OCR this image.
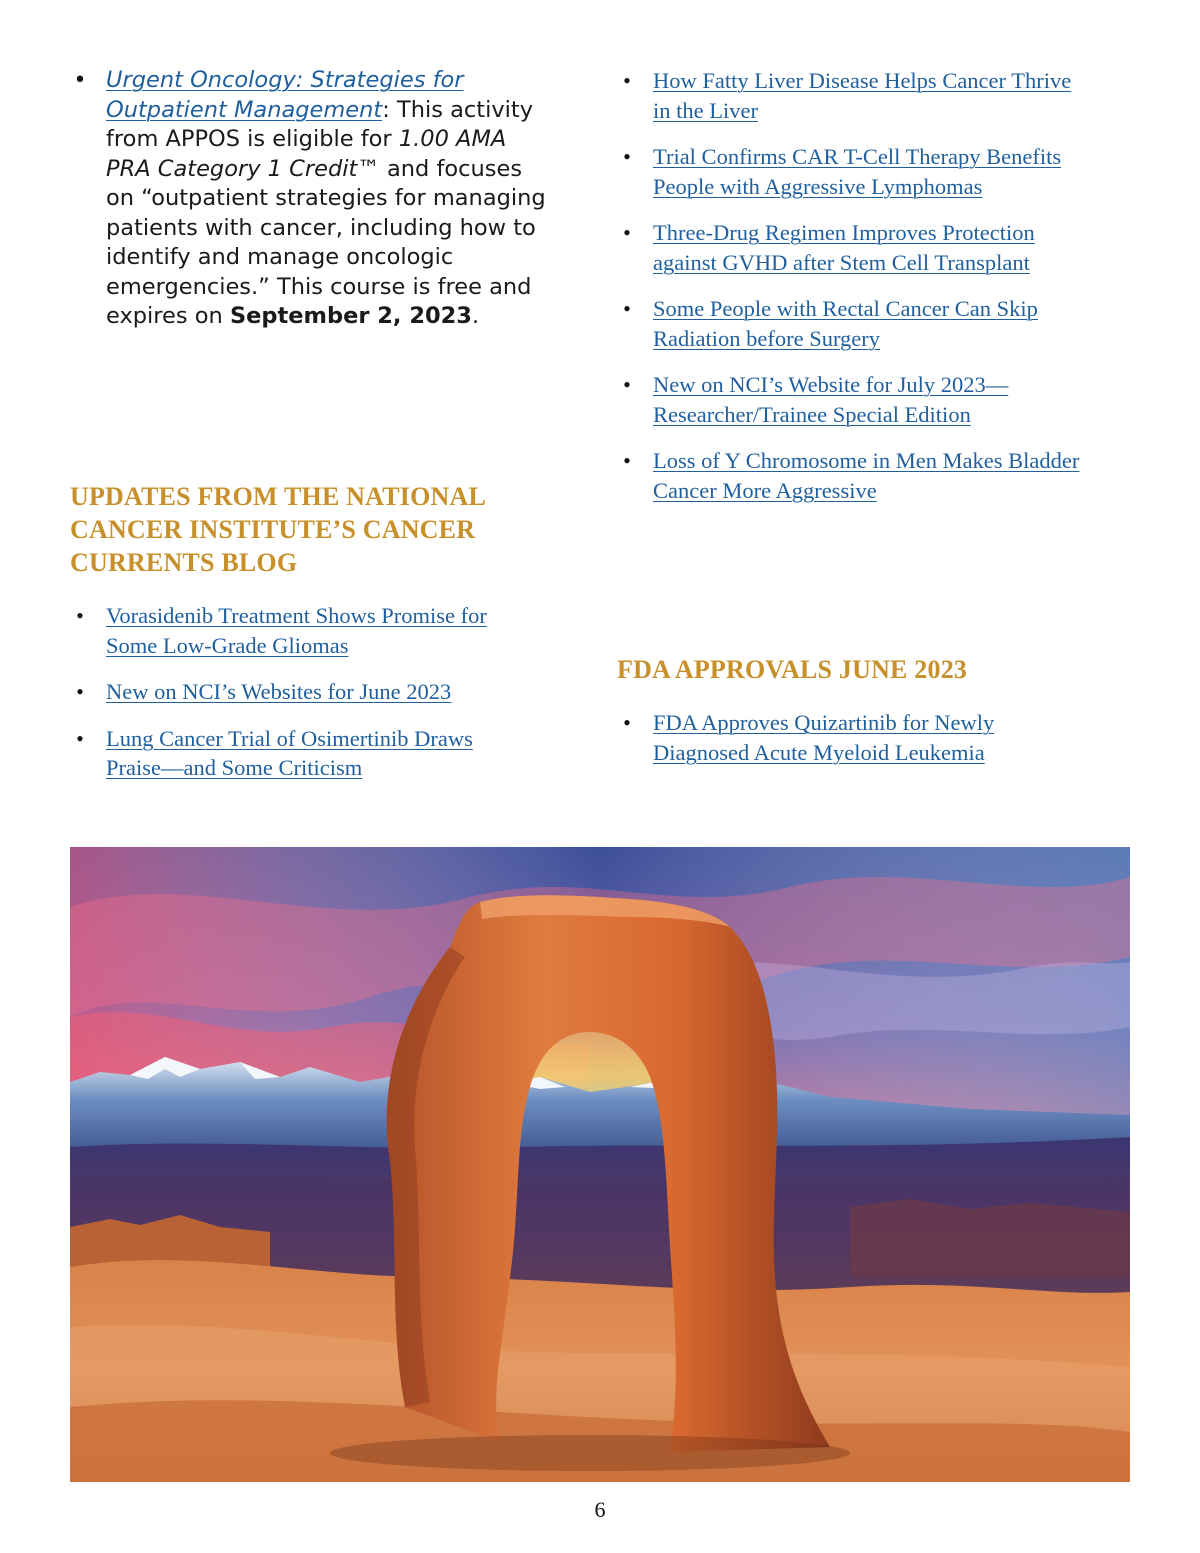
• Urgent Oncology: Strategies for
Outpatient Management: This activity from APPOS is eligible for 1.00 AMA PRA Category 1 Credit™ and focuses on “outpatient strategies for managing patients with cancer, including how to identify and manage oncologic emergencies.” This course is free and expires on September 2, 2023.
UPDATES FROM THE NATIONAL
CANCER INSTITUTE’S CANCER
CURRENTS BLOG
• Vorasidenib Treatment Shows Promise for
Some Low-Grade Gliomas
• New on NCI’s Websites for June 2023
• Lung Cancer Trial of Osimertinib Draws
Praise—and Some Criticism
• How Fatty Liver Disease Helps Cancer Thrive
in the Liver
• Trial Confirms CAR T-Cell Therapy Benefits
People with Aggressive Lymphomas
• Three-Drug Regimen Improves Protection
against GVHD after Stem Cell Transplant
• Some People with Rectal Cancer Can Skip
Radiation before Surgery
• New on NCI’s Website for July 2023—
Researcher/Trainee Special Edition
• Loss of Y Chromosome in Men Makes Bladder
Cancer More Aggressive
FDA APPROVALS JUNE 2023
• FDA Approves Quizartinib for Newly
Diagnosed Acute Myeloid Leukemia
6
